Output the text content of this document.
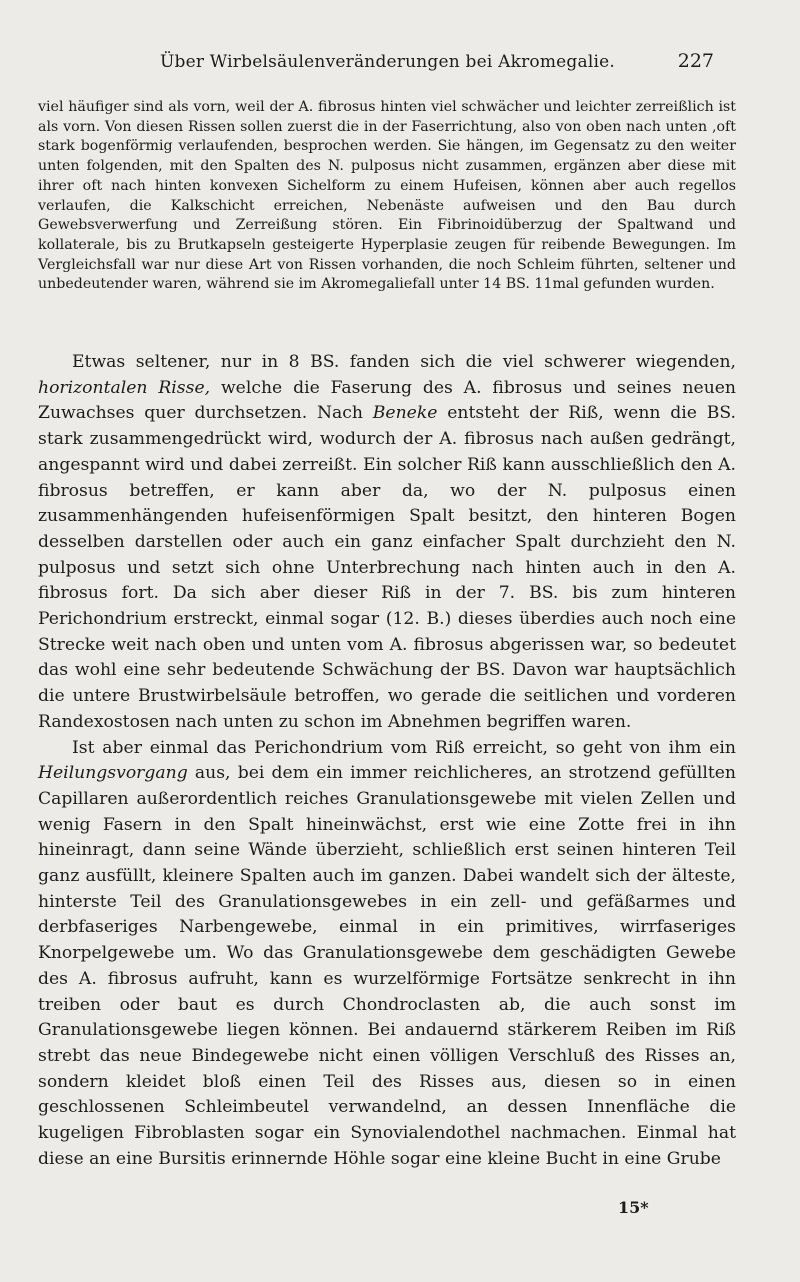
Über Wirbelsäulenveränderungen bei Akromegalie.	227

viel häufiger sind als vorn, weil der A. fibrosus hinten viel schwächer und leichter zerreißlich ist als vorn. Von diesen Rissen sollen zuerst die in der Faserrichtung, also von oben nach unten ,oft stark bogenförmig verlaufenden, besprochen werden. Sie hängen, im Gegensatz zu den weiter unten folgenden, mit den Spalten des N. pulposus nicht zusammen, ergänzen aber diese mit ihrer oft nach hinten konvexen Sichelform zu einem Hufeisen, können aber auch regellos verlaufen, die Kalkschicht erreichen, Nebenäste aufweisen und den Bau durch Gewebsverwerfung und Zerreißung stören. Ein Fibrinoidüberzug der Spaltwand und kollaterale, bis zu Brutkapseln gesteigerte Hyperplasie zeugen für reibende Bewegungen. Im Vergleichsfall war nur diese Art von Rissen vorhanden, die noch Schleim führten, seltener und unbedeutender waren, während sie im Akromegaliefall unter 14 BS. 11mal gefunden wurden.

Etwas seltener, nur in 8 BS. fanden sich die viel schwerer wiegenden, horizontalen Risse, welche die Faserung des A. fibrosus und seines neuen Zuwachses quer durchsetzen. Nach Beneke entsteht der Riß, wenn die BS. stark zusammengedrückt wird, wodurch der A. fibrosus nach außen gedrängt, angespannt wird und dabei zerreißt. Ein solcher Riß kann ausschließlich den A. fibrosus betreffen, er kann aber da, wo der N. pulposus einen zusammenhängenden hufeisenförmigen Spalt besitzt, den hinteren Bogen desselben darstellen oder auch ein ganz einfacher Spalt durchzieht den N. pulposus und setzt sich ohne Unterbrechung nach hinten auch in den A. fibrosus fort. Da sich aber dieser Riß in der 7. BS. bis zum hinteren Perichondrium erstreckt, einmal sogar (12. B.) dieses überdies auch noch eine Strecke weit nach oben und unten vom A. fibrosus abgerissen war, so bedeutet das wohl eine sehr bedeutende Schwächung der BS. Davon war hauptsächlich die untere Brustwirbelsäule betroffen, wo gerade die seitlichen und vorderen Randexostosen nach unten zu schon im Abnehmen begriffen waren.

Ist aber einmal das Perichondrium vom Riß erreicht, so geht von ihm ein Heilungsvorgang aus, bei dem ein immer reichlicheres, an strotzend gefüllten Capillaren außerordentlich reiches Granulationsgewebe mit vielen Zellen und wenig Fasern in den Spalt hineinwächst, erst wie eine Zotte frei in ihn hineinragt, dann seine Wände überzieht, schließlich erst seinen hinteren Teil ganz ausfüllt, kleinere Spalten auch im ganzen. Dabei wandelt sich der älteste, hinterste Teil des Granulationsgewebes in ein zell- und gefäßarmes und derbfaseriges Narbengewebe, einmal in ein primitives, wirrfaseriges Knorpelgewebe um. Wo das Granulationsgewebe dem geschädigten Gewebe des A. fibrosus aufruht, kann es wurzelförmige Fortsätze senkrecht in ihn treiben oder baut es durch Chondroclasten ab, die auch sonst im Granulationsgewebe liegen können. Bei andauernd stärkerem Reiben im Riß strebt das neue Bindegewebe nicht einen völligen Verschluß des Risses an, sondern kleidet bloß einen Teil des Risses aus, diesen so in einen geschlossenen Schleimbeutel verwandelnd, an dessen Innenfläche die kugeligen Fibroblasten sogar ein Synovialendothel nachmachen. Einmal hat diese an eine Bursitis erinnernde Höhle sogar eine kleine Bucht in eine Grube

15*
